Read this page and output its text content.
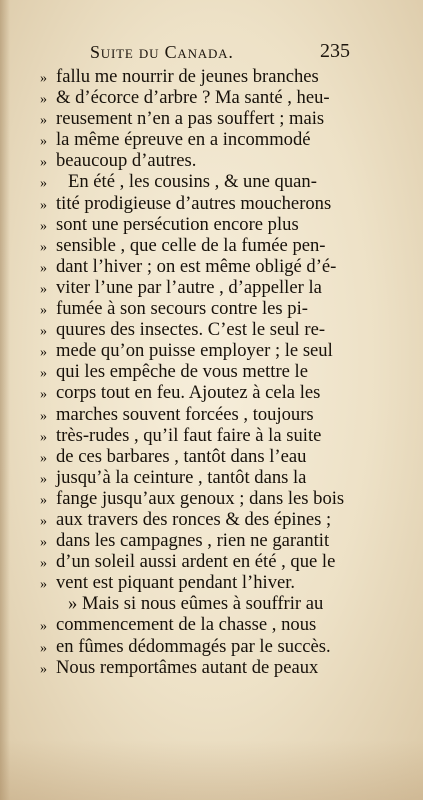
Suite du Canada.	235
» fallu me nourrir de jeunes branches
» & d’écorce d’arbre ? Ma santé , heu-
» reusement n’en a pas souffert ; mais
» la même épreuve en a incommodé
» beaucoup d’autres.
» En été , les cousins , & une quan-
» tité prodigieuse d’autres moucherons
» sont une persécution encore plus
» sensible , que celle de la fumée pen-
» dant l’hiver ; on est même obligé d’é-
» viter l’une par l’autre , d’appeller la
» fumée à son secours contre les pi-
» quures des insectes. C’est le seul re-
» mede qu’on puisse employer ; le seul
» qui les empêche de vous mettre le
» corps tout en feu. Ajoutez à cela les
» marches souvent forcées , toujours
» très-rudes , qu’il faut faire à la suite
» de ces barbares , tantôt dans l’eau
» jusqu’à la ceinture , tantôt dans la
» fange jusqu’aux genoux ; dans les bois
» aux travers des ronces & des épines ;
» dans les campagnes , rien ne garantit
» d’un soleil aussi ardent en été , que le
» vent est piquant pendant l’hiver.
» Mais si nous eûmes à souffrir au
» commencement de la chasse , nous
» en fûmes dédommagés par le succès.
» Nous remportâmes autant de peaux
